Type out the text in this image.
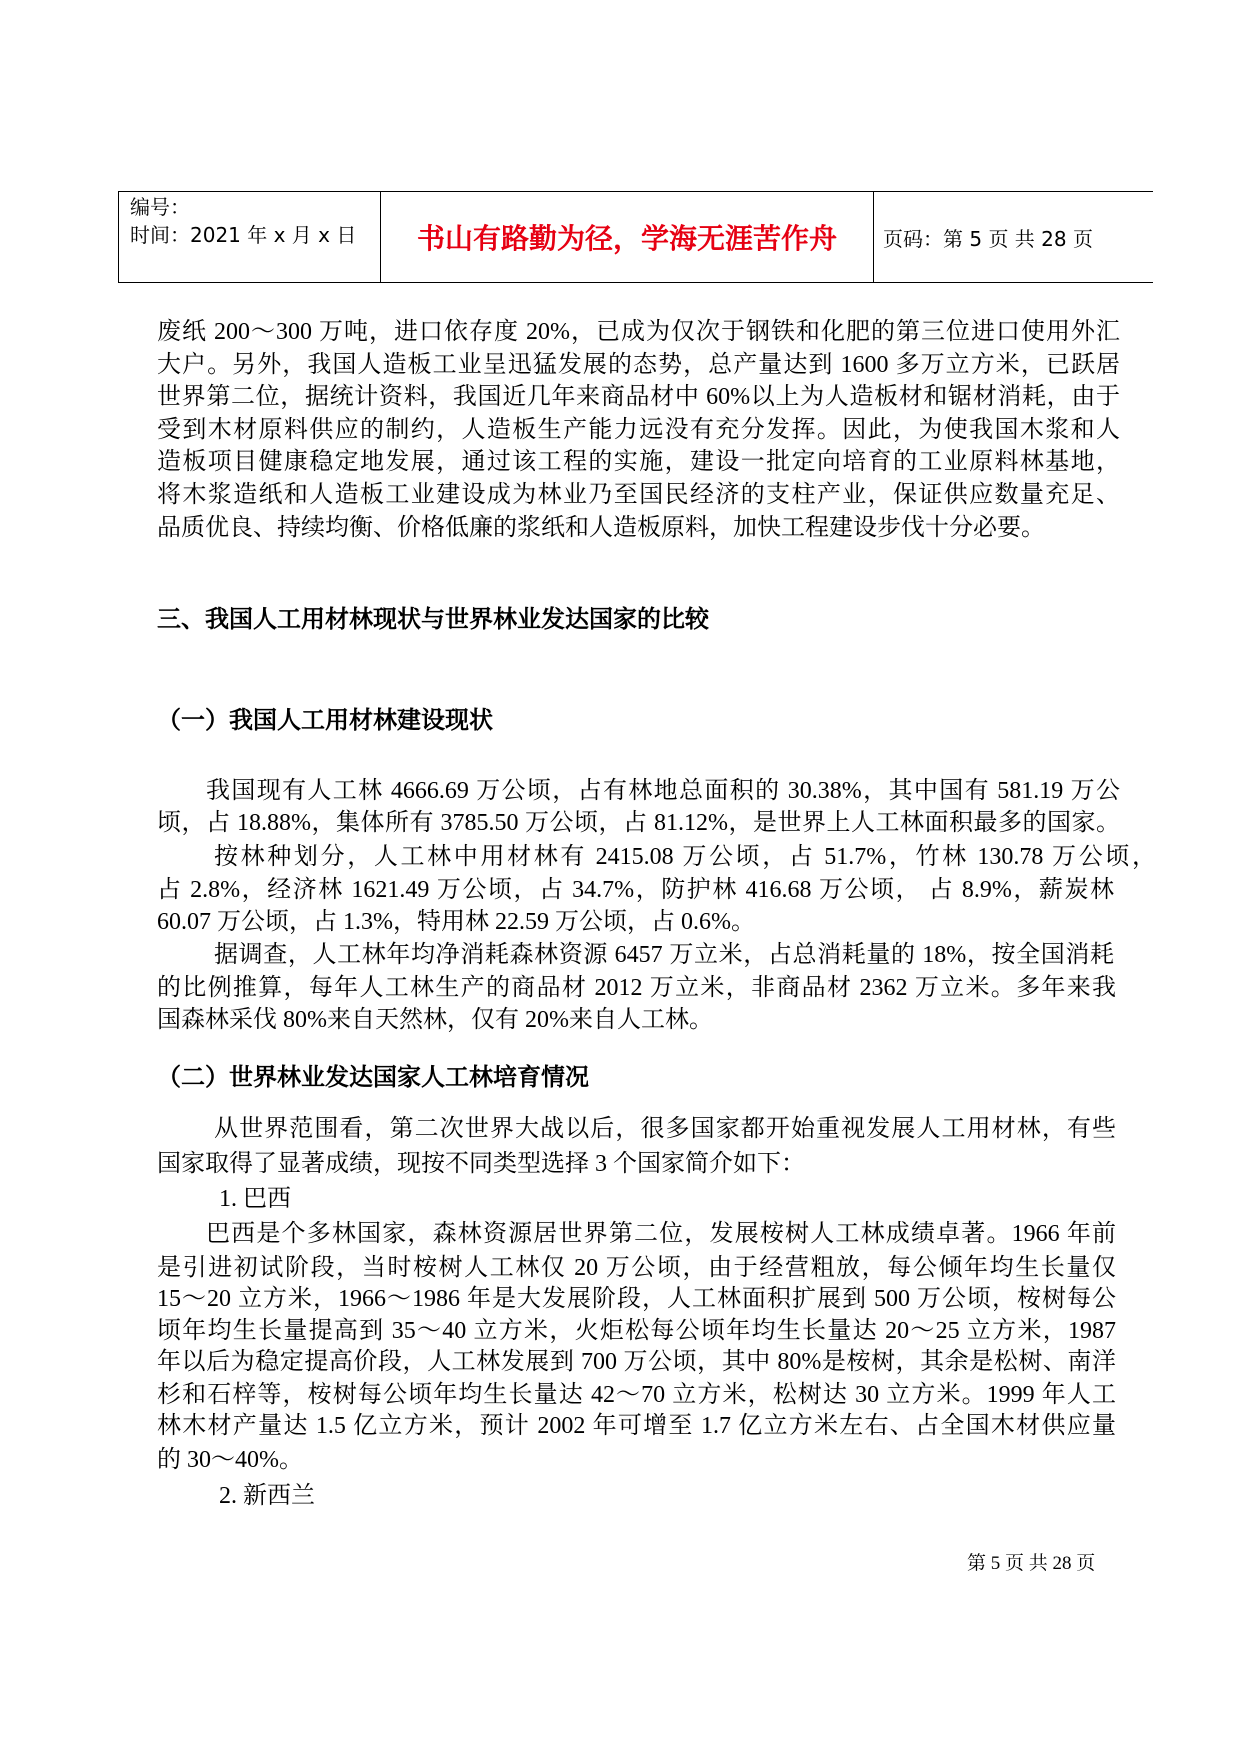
编号：
时间：2021 年 x 月 x 日	书山有路勤为径，学海无涯苦作舟	页码：第 5 页 共 28 页
废纸 200～300 万吨，进口依存度 20%，已成为仅次于钢铁和化肥的第三位进口使用外汇
大户。另外，我国人造板工业呈迅猛发展的态势，总产量达到 1600 多万立方米，已跃居
世界第二位，据统计资料，我国近几年来商品材中 60%以上为人造板材和锯材消耗，由于
受到木材原料供应的制约，人造板生产能力远没有充分发挥。因此，为使我国木浆和人
造板项目健康稳定地发展，通过该工程的实施，建设一批定向培育的工业原料林基地，
将木浆造纸和人造板工业建设成为林业乃至国民经济的支柱产业，保证供应数量充足、
品质优良、持续均衡、价格低廉的浆纸和人造板原料，加快工程建设步伐十分必要。
三、我国人工用材林现状与世界林业发达国家的比较
（一）我国人工用材林建设现状
我国现有人工林 4666.69 万公顷，占有林地总面积的 30.38%，其中国有 581.19 万公
顷，占 18.88%，集体所有 3785.50 万公顷，占 81.12%，是世界上人工林面积最多的国家。
按林种划分，人工林中用材林有 2415.08 万公顷，占 51.7%，竹林 130.78 万公顷，
占 2.8%，经济林 1621.49 万公顷，占 34.7%，防护林 416.68 万公顷， 占 8.9%，薪炭林
60.07 万公顷，占 1.3%，特用林 22.59 万公顷，占 0.6%。
据调查，人工林年均净消耗森林资源 6457 万立米，占总消耗量的 18%，按全国消耗
的比例推算，每年人工林生产的商品材 2012 万立米，非商品材 2362 万立米。多年来我
国森林采伐 80%来自天然林，仅有 20%来自人工林。
（二）世界林业发达国家人工林培育情况
从世界范围看，第二次世界大战以后，很多国家都开始重视发展人工用材林，有些
国家取得了显著成绩，现按不同类型选择 3 个国家简介如下：
1. 巴西
巴西是个多林国家，森林资源居世界第二位，发展桉树人工林成绩卓著。1966 年前
是引进初试阶段，当时桉树人工林仅 20 万公顷，由于经营粗放，每公倾年均生长量仅
15～20 立方米，1966～1986 年是大发展阶段，人工林面积扩展到 500 万公顷，桉树每公
顷年均生长量提高到 35～40 立方米，火炬松每公顷年均生长量达 20～25 立方米，1987
年以后为稳定提高价段，人工林发展到 700 万公顷，其中 80%是桉树，其余是松树、南洋
杉和石梓等，桉树每公顷年均生长量达 42～70 立方米，松树达 30 立方米。1999 年人工
林木材产量达 1.5 亿立方米，预计 2002 年可增至 1.7 亿立方米左右、占全国木材供应量
的 30～40%。
2. 新西兰
第 5 页 共 28 页
